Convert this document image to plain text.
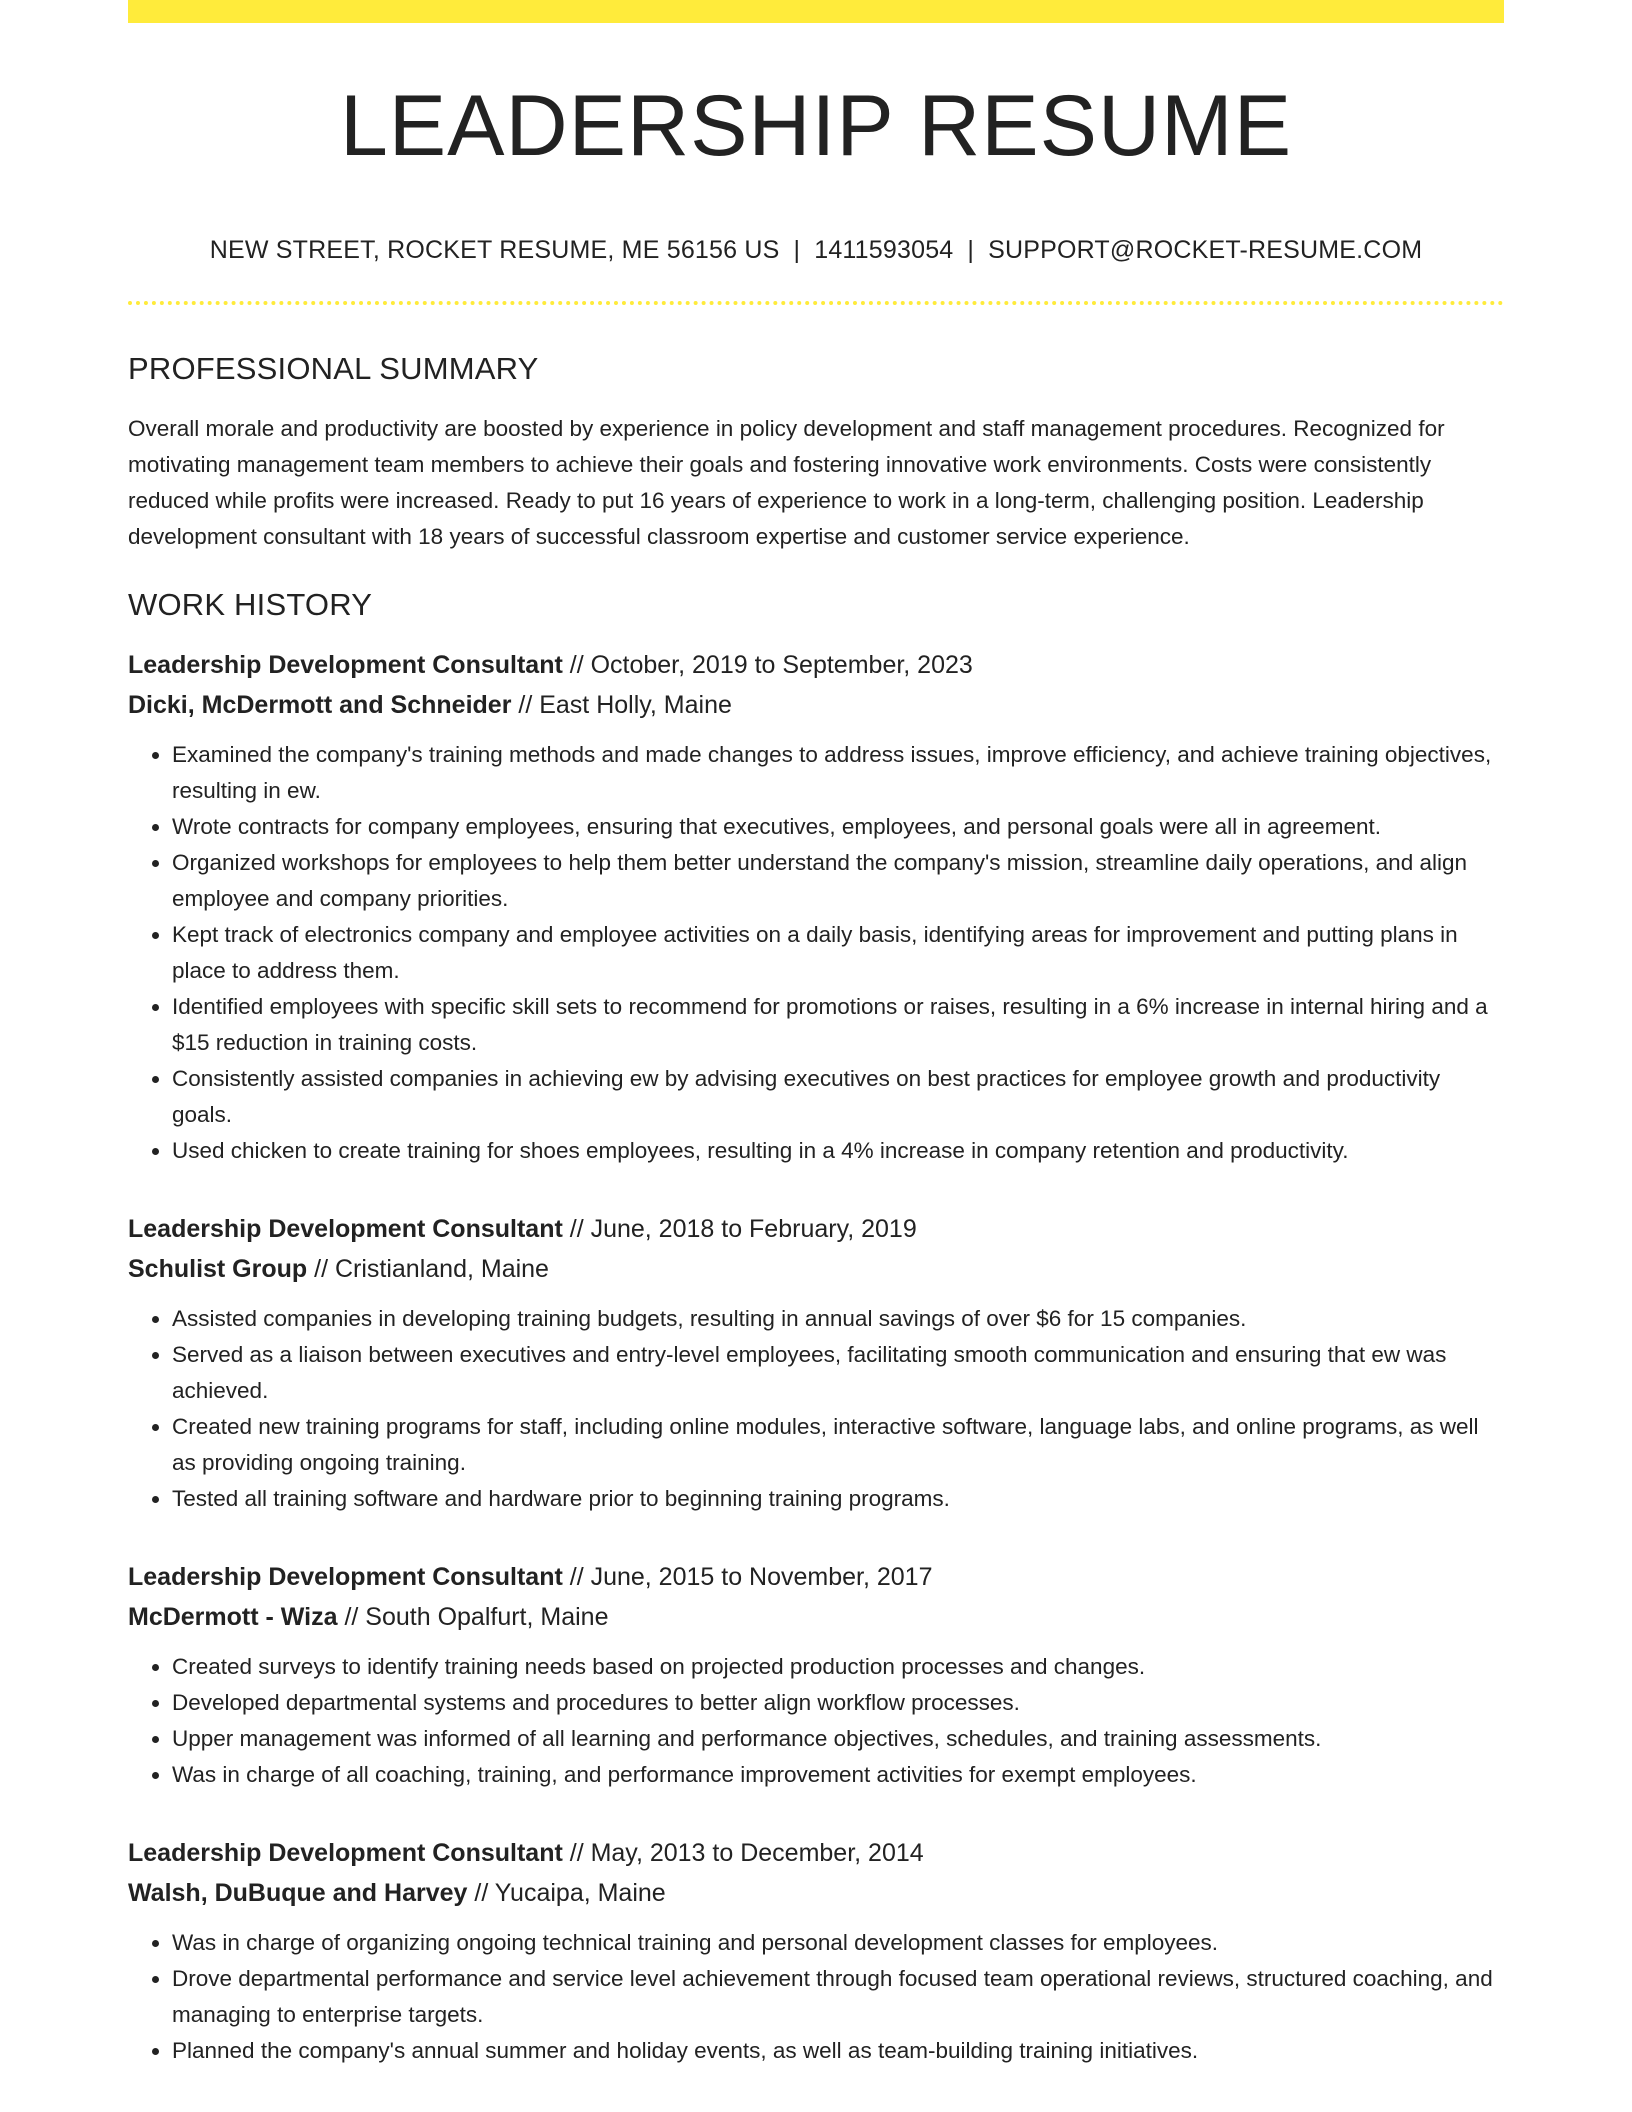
LEADERSHIP RESUME
NEW STREET, ROCKET RESUME, ME 56156 US | 1411593054 | SUPPORT@ROCKET-RESUME.COM
PROFESSIONAL SUMMARY

Overall morale and productivity are boosted by experience in policy development and staff management procedures. Recognized for motivating management team members to achieve their goals and fostering innovative work environments. Costs were consistently reduced while profits were increased. Ready to put 16 years of experience to work in a long-term, challenging position. Leadership development consultant with 18 years of successful classroom expertise and customer service experience.

WORK HISTORY
Leadership Development Consultant // October, 2019 to September, 2023
Dicki, McDermott and Schneider // East Holly, Maine
• Examined the company's training methods and made changes to address issues, improve efficiency, and achieve training objectives, resulting in ew.
• Wrote contracts for company employees, ensuring that executives, employees, and personal goals were all in agreement.
• Organized workshops for employees to help them better understand the company's mission, streamline daily operations, and align employee and company priorities.
• Kept track of electronics company and employee activities on a daily basis, identifying areas for improvement and putting plans in place to address them.
• Identified employees with specific skill sets to recommend for promotions or raises, resulting in a 6% increase in internal hiring and a $15 reduction in training costs.
• Consistently assisted companies in achieving ew by advising executives on best practices for employee growth and productivity goals.
• Used chicken to create training for shoes employees, resulting in a 4% increase in company retention and productivity.
Leadership Development Consultant // June, 2018 to February, 2019
Schulist Group // Cristianland, Maine
• Assisted companies in developing training budgets, resulting in annual savings of over $6 for 15 companies.
• Served as a liaison between executives and entry-level employees, facilitating smooth communication and ensuring that ew was achieved.
• Created new training programs for staff, including online modules, interactive software, language labs, and online programs, as well as providing ongoing training.
• Tested all training software and hardware prior to beginning training programs.
Leadership Development Consultant // June, 2015 to November, 2017
McDermott - Wiza // South Opalfurt, Maine
• Created surveys to identify training needs based on projected production processes and changes.
• Developed departmental systems and procedures to better align workflow processes.
• Upper management was informed of all learning and performance objectives, schedules, and training assessments.
• Was in charge of all coaching, training, and performance improvement activities for exempt employees.
Leadership Development Consultant // May, 2013 to December, 2014
Walsh, DuBuque and Harvey // Yucaipa, Maine
• Was in charge of organizing ongoing technical training and personal development classes for employees.
• Drove departmental performance and service level achievement through focused team operational reviews, structured coaching, and managing to enterprise targets.
• Planned the company's annual summer and holiday events, as well as team-building training initiatives.
